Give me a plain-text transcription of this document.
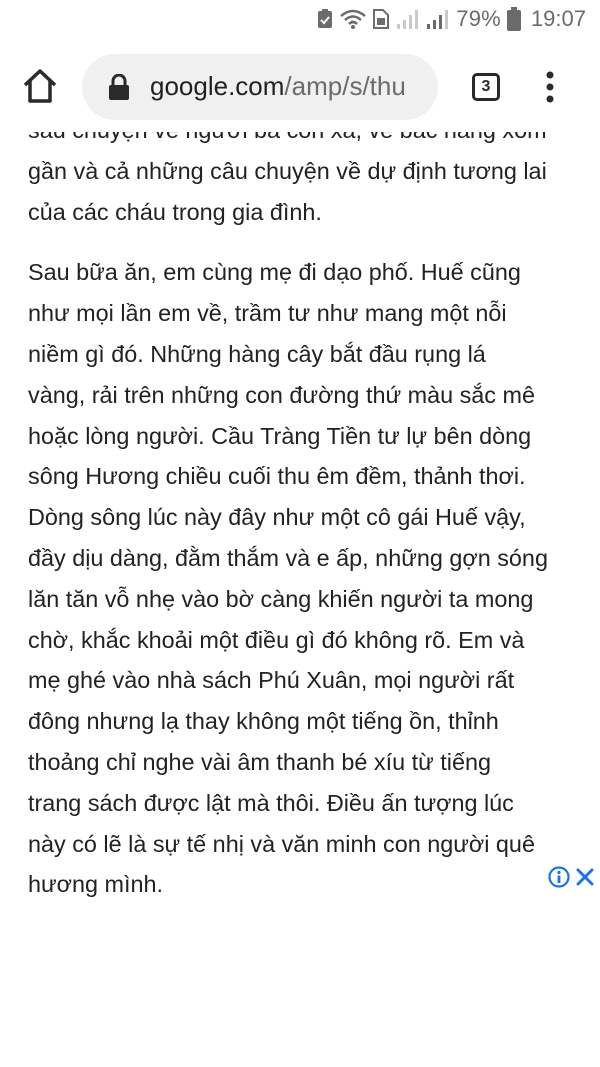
79% 19:07
google.com/amp/s/thu	3

gần và cả những câu chuyện về dự định tương lai
của các cháu trong gia đình.

Sau bữa ăn, em cùng mẹ đi dạo phố. Huế cũng
như mọi lần em về, trầm tư như mang một nỗi
niềm gì đó. Những hàng cây bắt đầu rụng lá
vàng, rải trên những con đường thứ màu sắc mê
hoặc lòng người. Cầu Tràng Tiền tư lự bên dòng
sông Hương chiều cuối thu êm đềm, thảnh thơi.
Dòng sông lúc này đây như một cô gái Huế vậy,
đầy dịu dàng, đằm thắm và e ấp, những gợn sóng
lăn tăn vỗ nhẹ vào bờ càng khiến người ta mong
chờ, khắc khoải một điều gì đó không rõ. Em và
mẹ ghé vào nhà sách Phú Xuân, mọi người rất
đông nhưng lạ thay không một tiếng ồn, thỉnh
thoảng chỉ nghe vài âm thanh bé xíu từ tiếng
trang sách được lật mà thôi. Điều ấn tượng lúc
này có lẽ là sự tế nhị và văn minh con người quê
hương mình.
